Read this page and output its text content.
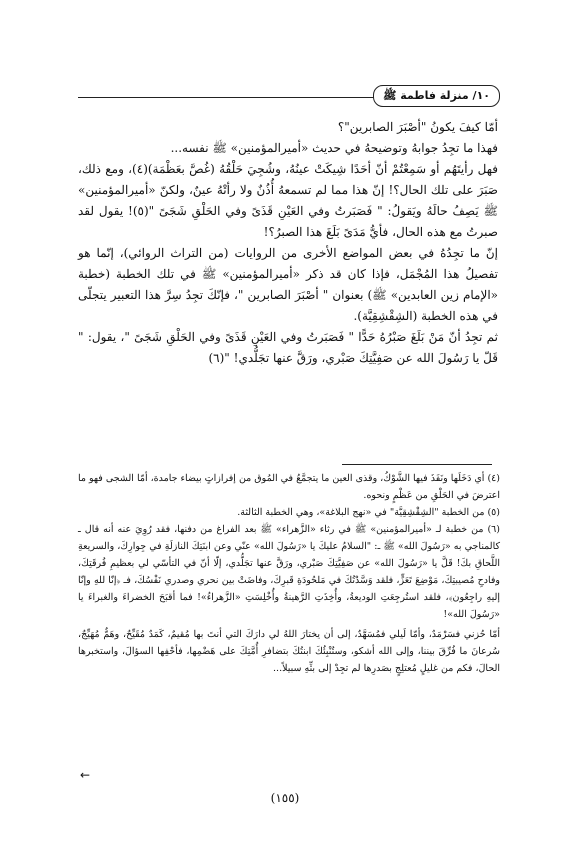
١٠/ منزلة فاطمة ﷺ

أمّا كيفَ يكونُ "أصْبَرَ الصابرين"؟

فهذا ما تجِدُ جوابهُ وتوضيحهُ في حديث «أميرالمؤمنين» ﷺ نفسه...

فهل رأيتَهُم أو سَمِعْتُمْ أنّ أحَدًا شِيكَتْ عينُهُ، وشُجِيَ حَلْقُهُ (غُصَّ بعَظْمَة)(٤)، ومع ذلك، صَبَرَ على تلك الحال؟! إنّ هذا مما لم تسمعهُ أُذُنٌ ولا رأتْهُ عينٌ، ولكنّ «أميرالمؤمنين» ﷺ يَصِفُ حالَهُ ويَقولُ: " فَصَبَرتُ وفي العَيْنِ قَذَىً وفي الحَلْقِ شَجَىً "(٥)! يقول لقد صبرتُ مع هذه الحال، فأيُّ مَدَىً بَلَغَ هذا الصبرُ؟!

إنّ ما تجِدُهُ في بعض المواضع الأخرى من الروايات (من التراث الروائي)، إنّما هو تفصيلُ هذا المُجْمَل، فإذا كان قد ذكر «أميرالمؤمنين» ﷺ في تلك الخطبة (خطبة «الإمام زين العابدين» ﷺ) بعنوان " أصْبَرَ الصابرين "، فإنّكَ تجِدُ سِرَّ هذا التعبير يتجلّى في هذه الخطبة (الشِقْشِقِيَّة).

ثم تجِدُ أنّ مَنْ بَلَغَ صَبْرُهُ حَدًّا " فَصَبَرتُ وفي العَيْنِ قَذَىً وفي الحَلْقِ شَجَىً "، يقول: " قَلّ يا رَسُولَ الله عن صَفِيَّتِكَ صَبْري، ورَقَّ عنها تجَلُّدي! "(٦)

(٤) أي دَخَلَها ونَفَذَ فيها الشَّوْكُ، وقذى العين ما يتجمَّعُ في المُوق من إفرازاتٍ بيضاء جامدة، أمّا الشجى فهو ما اعترضَ في الحَلْقِ من عَظْمٍ ونحوه.

(٥) من الخطبة "الشِقْشِقِيَّة" في «نهج البلاغة»، وهي الخطبة الثالثة.

(٦) من خطبة لـ «أميرالمؤمنين» ﷺ في رثاء «الزَّهراء» ﷺ بعد الفراغ من دفنها، فقد رُوِيَ عنه أنه قال ـ كالمناجي به «رَسُولَ الله» ﷺ ـ: "السلامُ عليكَ يا «رَسُولَ الله» عنّي وعن ابنَتِكَ النازلَةِ في جِوارِكَ، والسريعةِ اللَّحاقِ بكَ! قَلَّ يا «رَسُولَ الله» عن صَفِيَّتِكَ صَبْري، ورَقَّ عنها تجَلُّدي، إلّا أنّ في التأسّي لي بعظيمِ فُرقَتِكَ، وفادحِ مُصيبتِكَ، مَوْضِعَ تَعَزٍّ، فلقد وَسَّدْتُكَ في مَلحُودَةِ قَبرِكَ، وفاضَتْ بين نحري وصدري نَفْسُكَ، فـ ﴿إنّا للهِ وإنّا إليهِ راجِعُون﴾، فلقد استُرجِعَتِ الوديعةُ، وأُخِذَتِ الرَّهينةُ وأُخْلِسَتِ «الزَّهراءُ»! فما أقبَحَ الخضراءَ والغبراءَ يا «رَسُولَ الله»!

أمّا حُزني فسَرْمَدٌ، وأمّا لَيلي فمُسَهَّدٌ، إلى أن يختارَ اللهُ لي دارَكَ التي أنتَ بها مُقيمٌ، كَمَدٌ مُقَيِّحٌ، وهَمٌّ مُهَيِّجٌ، سُرعانَ ما فُرِّقَ بيننا، وإلى الله أشكو، وستُنْبِئُكَ ابنتُكَ بتضافرِ أُمَّتِكَ على هَضْمِها، فأحْفِها السؤالَ، واستخبرها الحالَ، فكم من غليلٍ مُعتلِجٍ بصَدرِها لم تجِدْ إلى بثِّهِ سبيلاً...

←
(١٥٥)
